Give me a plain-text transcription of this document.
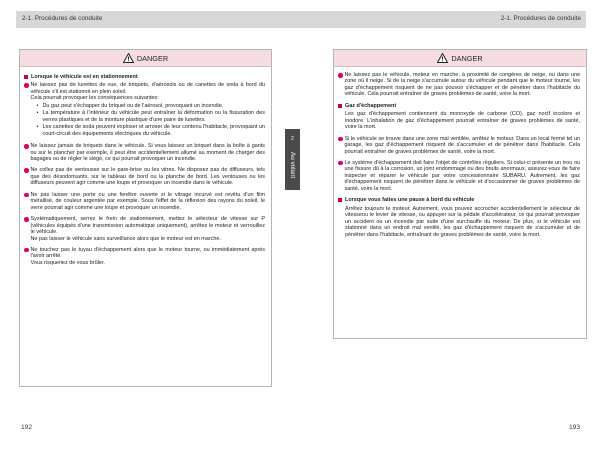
2-1. Procédures de conduite
DANGER
Lorsque le véhicule est en stationnement
Ne laissez pas de lunettes de vue, de briquets, d'aérosols ou de canettes de soda à bord du véhicule s'il est stationné en plein soleil.
Cela pourrait provoquer les conséquences suivantes:
• Du gaz peut s'échapper du briquet ou de l'aérosol, provoquant un incendie.
• La température à l'intérieur du véhicule peut entraîner la déformation ou la fissuration des verres plastiques et de la monture plastique d'une paire de lunettes.
• Les canettes de soda peuvent exploser et arroser de leur contenu l'habitacle, provoquant un court-circuit des équipements électriques du véhicule.
Ne laissez jamais de briquets dans le véhicule. Si vous laissez un briquet dans la boîte à gants ou sur le plancher par exemple, il peut être accidentellement allumé au moment de charger des bagages ou de régler le siège, ce qui pourrait provoquer un incendie.
Ne collez pas de ventouses sur le pare-brise ou les vitres. Ne disposez pas de diffuseurs, tels que des désodorisants, sur le tableau de bord ou la planche de bord. Les ventouses ou les diffuseurs peuvent agir comme une loupe et provoquer un incendie dans le véhicule.
Ne pas laisser une porte ou une fenêtre ouverte si le vitrage incurvé est revêtu d'un film métallisé, de couleur argentée par exemple. Sous l'effet de la réflexion des rayons du soleil, le verre pourrait agir comme une loupe et provoquer un incendie.
Systématiquement, serrez le frein de stationnement, mettez le sélecteur de vitesse sur P (véhicules équipés d'une transmission automatique uniquement), arrêtez le moteur et verrouillez le véhicule.
Ne pas laisser le véhicule sans surveillance alors que le moteur est en marche.
Ne touchez pas le tuyau d'échappement alors que le moteur tourne, ou immédiatement après l'avoir arrêté.
Vous risqueriez de vous brûler.
192
2-1. Procédures de conduite
DANGER
Ne laissez pas le véhicule, moteur en marche, à proximité de congères de neige, ou dans une zone où il neige. Si de la neige s'accumule autour du véhicule pendant que le moteur tourne, les gaz d'échappement risquent de ne pas pouvoir s'échapper et de pénétrer dans l'habitacle du véhicule. Cela pourrait entraîner de graves problèmes de santé, voire la mort.
Gaz d'échappement
Les gaz d'échappement contiennent du monoxyde de carbone (CO), gaz nocif incolore et inodore. L'inhalation de gaz d'échappement pourrait entraîner de graves problèmes de santé, voire la mort.
Si le véhicule se trouve dans une zone mal ventilée, arrêtez le moteur. Dans un local fermé tel un garage, les gaz d'échappement risquent de s'accumuler et de pénétrer dans l'habitacle. Cela pourrait entraîner de graves problèmes de santé, voire la mort.
Le système d'échappement doit faire l'objet de contrôles réguliers. Si celui-ci présente un trou ou une fissure dû à la corrosion, un joint endommagé ou des bruits anormaux, assurez-vous de faire inspecter et réparer le véhicule par votre concessionnaire SUBARU. Autrement, les gaz d'échappement risquent de pénétrer dans le véhicule et d'occasionner de graves problèmes de santé, voire la mort.
Lorsque vous faites une pause à bord du véhicule
Arrêtez toujours le moteur. Autrement, vous pouvez accrocher accidentellement le sélecteur de vitesseou le levier de vitesse, ou appuyer sur la pédale d'accélérateur, ce qui pourrait provoquer un accident ou un incendie par suite d'une surchauffe du moteur. De plus, si le véhicule est stationné dans un endroit mal ventilé, les gaz d'échappement risquent de s'accumuler et de pénétrer dans l'habitacle, entraînant de graves problèmes de santé, voire la mort.
193
2
Au volant
